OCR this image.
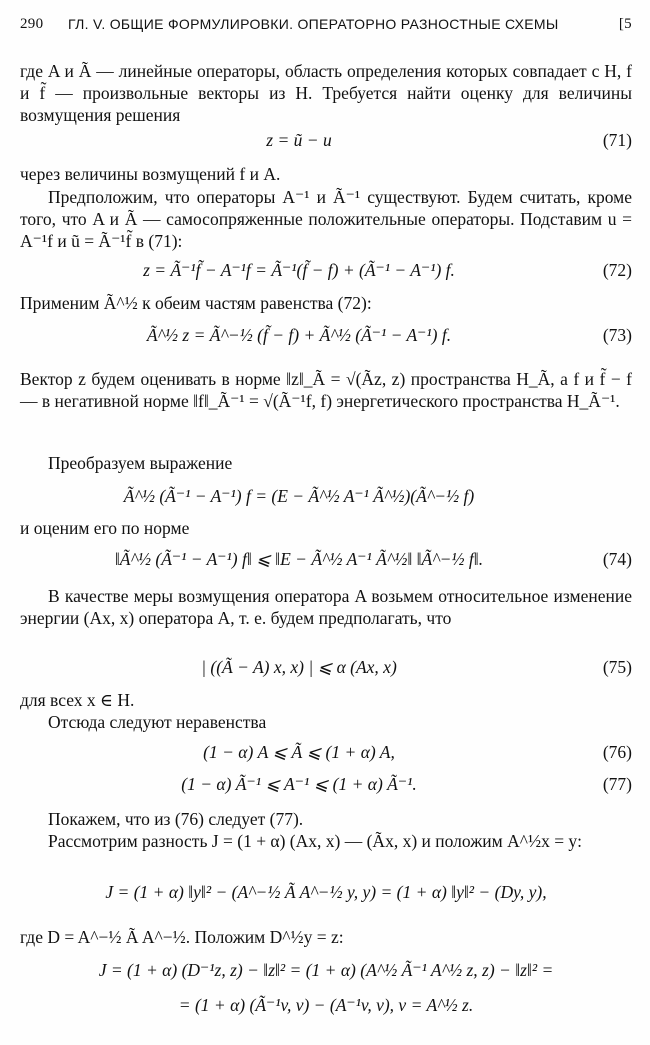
290 ГЛ. V. ОБЩИЕ ФОРМУЛИРОВКИ. ОПЕРАТОРНО РАЗНОСТНЫЕ СХЕМЫ	[5
где A и Ã — линейные операторы, область определения которых совпадает с H, f и f̃ — произвольные векторы из H. Требуется найти оценку для величины возмущения решения
z = ũ − u	(71)
через величины возмущений f и A.
Предположим, что операторы A⁻¹ и Ã⁻¹ существуют. Будем считать, кроме того, что A и Ã — самосопряженные положительные операторы. Подставим u = A⁻¹f и ũ = Ã⁻¹f̃ в (71):
z = Ã⁻¹f̃ − A⁻¹f = Ã⁻¹(f̃ − f) + (Ã⁻¹ − A⁻¹) f.	(72)
Применим Ã^½ к обеим частям равенства (72):
Ã^½ z = Ã^−½ (f̃ − f) + Ã^½ (Ã⁻¹ − A⁻¹) f.	(73)
Вектор z будем оценивать в норме ‖z‖_Ã = √(Ãz, z) пространства H_Ã, а f и f̃ − f — в негативной норме ‖f‖_Ã⁻¹ = √(Ã⁻¹f, f) энергетического пространства H_Ã⁻¹.
Преобразуем выражение
Ã^½ (Ã⁻¹ − A⁻¹) f = (E − Ã^½ A⁻¹ Ã^½)(Ã^−½ f)
и оценим его по норме
‖Ã^½ (Ã⁻¹ − A⁻¹) f‖ ⩽ ‖E − Ã^½ A⁻¹ Ã^½‖ ‖Ã^−½ f‖.	(74)
В качестве меры возмущения оператора A возьмем относительное изменение энергии (Ax, x) оператора A, т. е. будем предполагать, что
| ((Ã − A) x, x) | ⩽ α (Ax, x)	(75)
для всех x ∈ H.
Отсюда следуют неравенства
(1 − α) A ⩽ Ã ⩽ (1 + α) A,	(76)
(1 − α) Ã⁻¹ ⩽ A⁻¹ ⩽ (1 + α) Ã⁻¹.	(77)
Покажем, что из (76) следует (77).
Рассмотрим разность J = (1 + α) (Ax, x) — (Ãx, x) и положим A^½x = y:
J = (1 + α) ‖y‖² − (A^−½ Ã A^−½ y, y) = (1 + α) ‖y‖² − (Dy, y),
где D = A^−½ Ã A^−½. Положим D^½y = z:
J = (1 + α) (D⁻¹z, z) − ‖z‖² = (1 + α) (A^½ Ã⁻¹ A^½ z, z) − ‖z‖² =
= (1 + α) (Ã⁻¹v, v) − (A⁻¹v, v), v = A^½ z.
